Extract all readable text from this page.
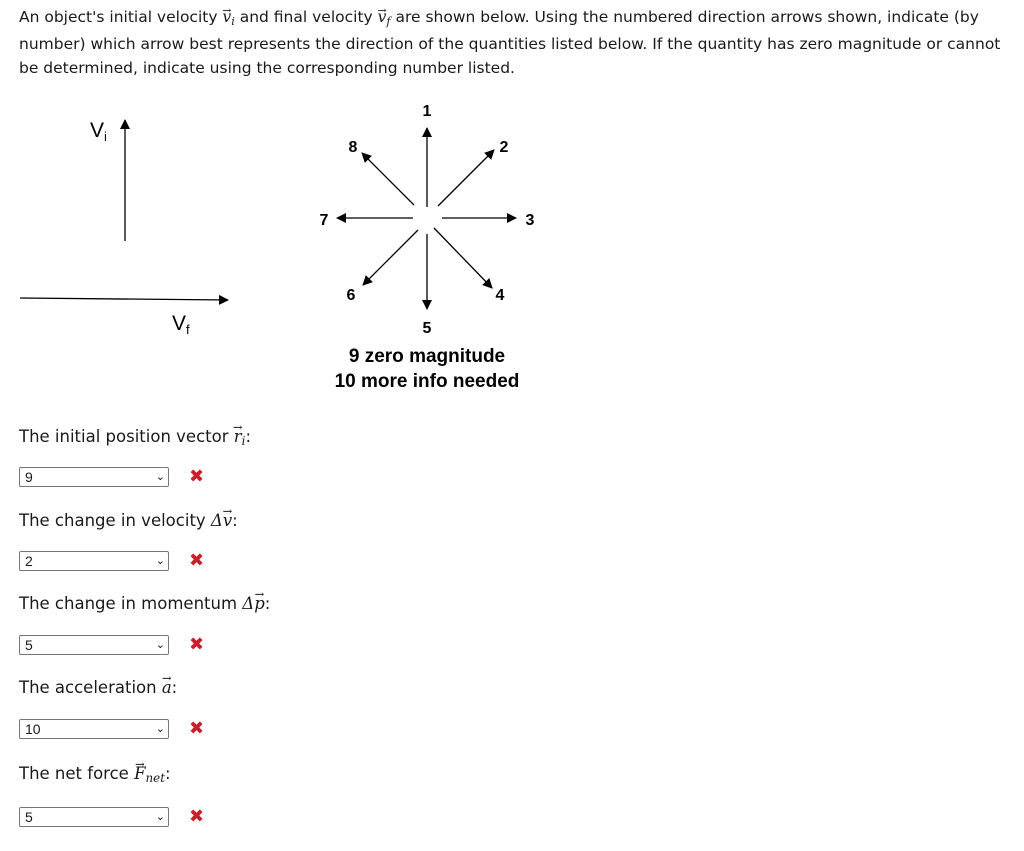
An object's initial velocity → $v_i$ and final velocity → $v_f$ are shown below. Using the numbered direction arrows shown, indicate (by number) which arrow best represents the direction of the quantities listed below. If the quantity has zero magnitude or cannot be determined, indicate using the corresponding number listed.
Vi
Vf
1
2
3
4
5
6
7
8
9 zero magnitude
10 more info needed
The initial position vector → $r_i$:
9	⌄ ✖
The change in velocity Δ→ v:
2	⌄ ✖
The change in momentum Δ→ p:
5	⌄ ✖
The acceleration → a:
10	⌄ ✖
The net force → $F_{net}$:
5	⌄ ✖
